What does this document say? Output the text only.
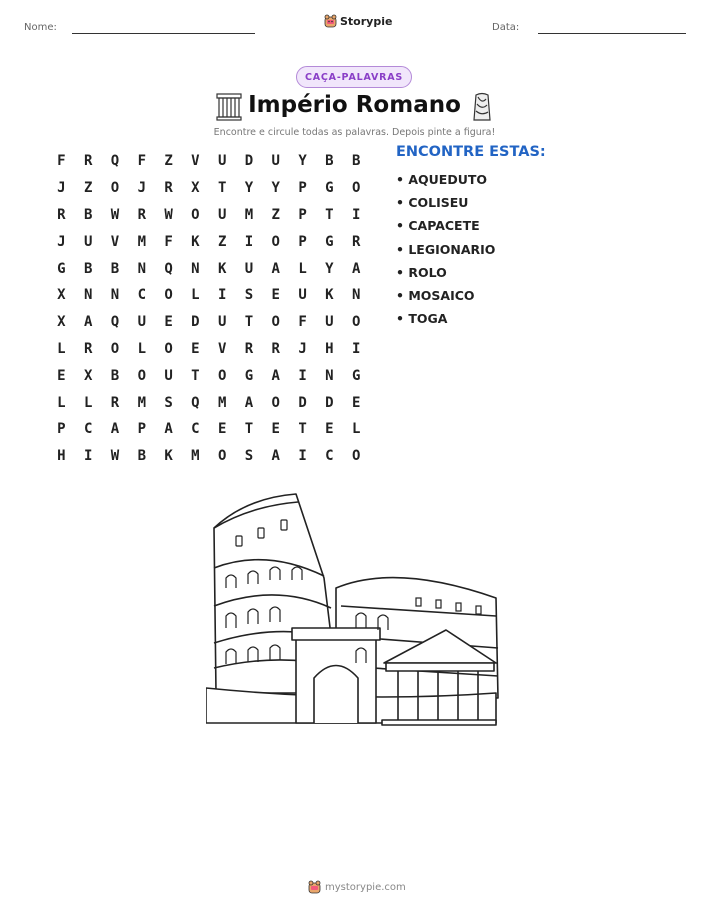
Nome:	Storypie	Data:
CAÇA-PALAVRAS
Império Romano
Encontre e circule todas as palavras. Depois pinte a figura!
F	R	Q	F	Z	V	U	D	U	Y	B	B
J	Z	O	J	R	X	T	Y	Y	P	G	O
R	B	W	R	W	O	U	M	Z	P	T	I
J	U	V	M	F	K	Z	I	O	P	G	R
G	B	B	N	Q	N	K	U	A	L	Y	A
X	N	N	C	O	L	I	S	E	U	K	N
X	A	Q	U	E	D	U	T	O	F	U	O
L	R	O	L	O	E	V	R	R	J	H	I
E	X	B	O	U	T	O	G	A	I	N	G
L	L	R	M	S	Q	M	A	O	D	D	E
P	C	A	P	A	C	E	T	E	T	E	L
H	I	W	B	K	M	O	S	A	I	C	O
ENCONTRE ESTAS:
• AQUEDUTO
• COLISEU
• CAPACETE
• LEGIONARIO
• ROLO
• MOSAICO
• TOGA
mystorypie.com
